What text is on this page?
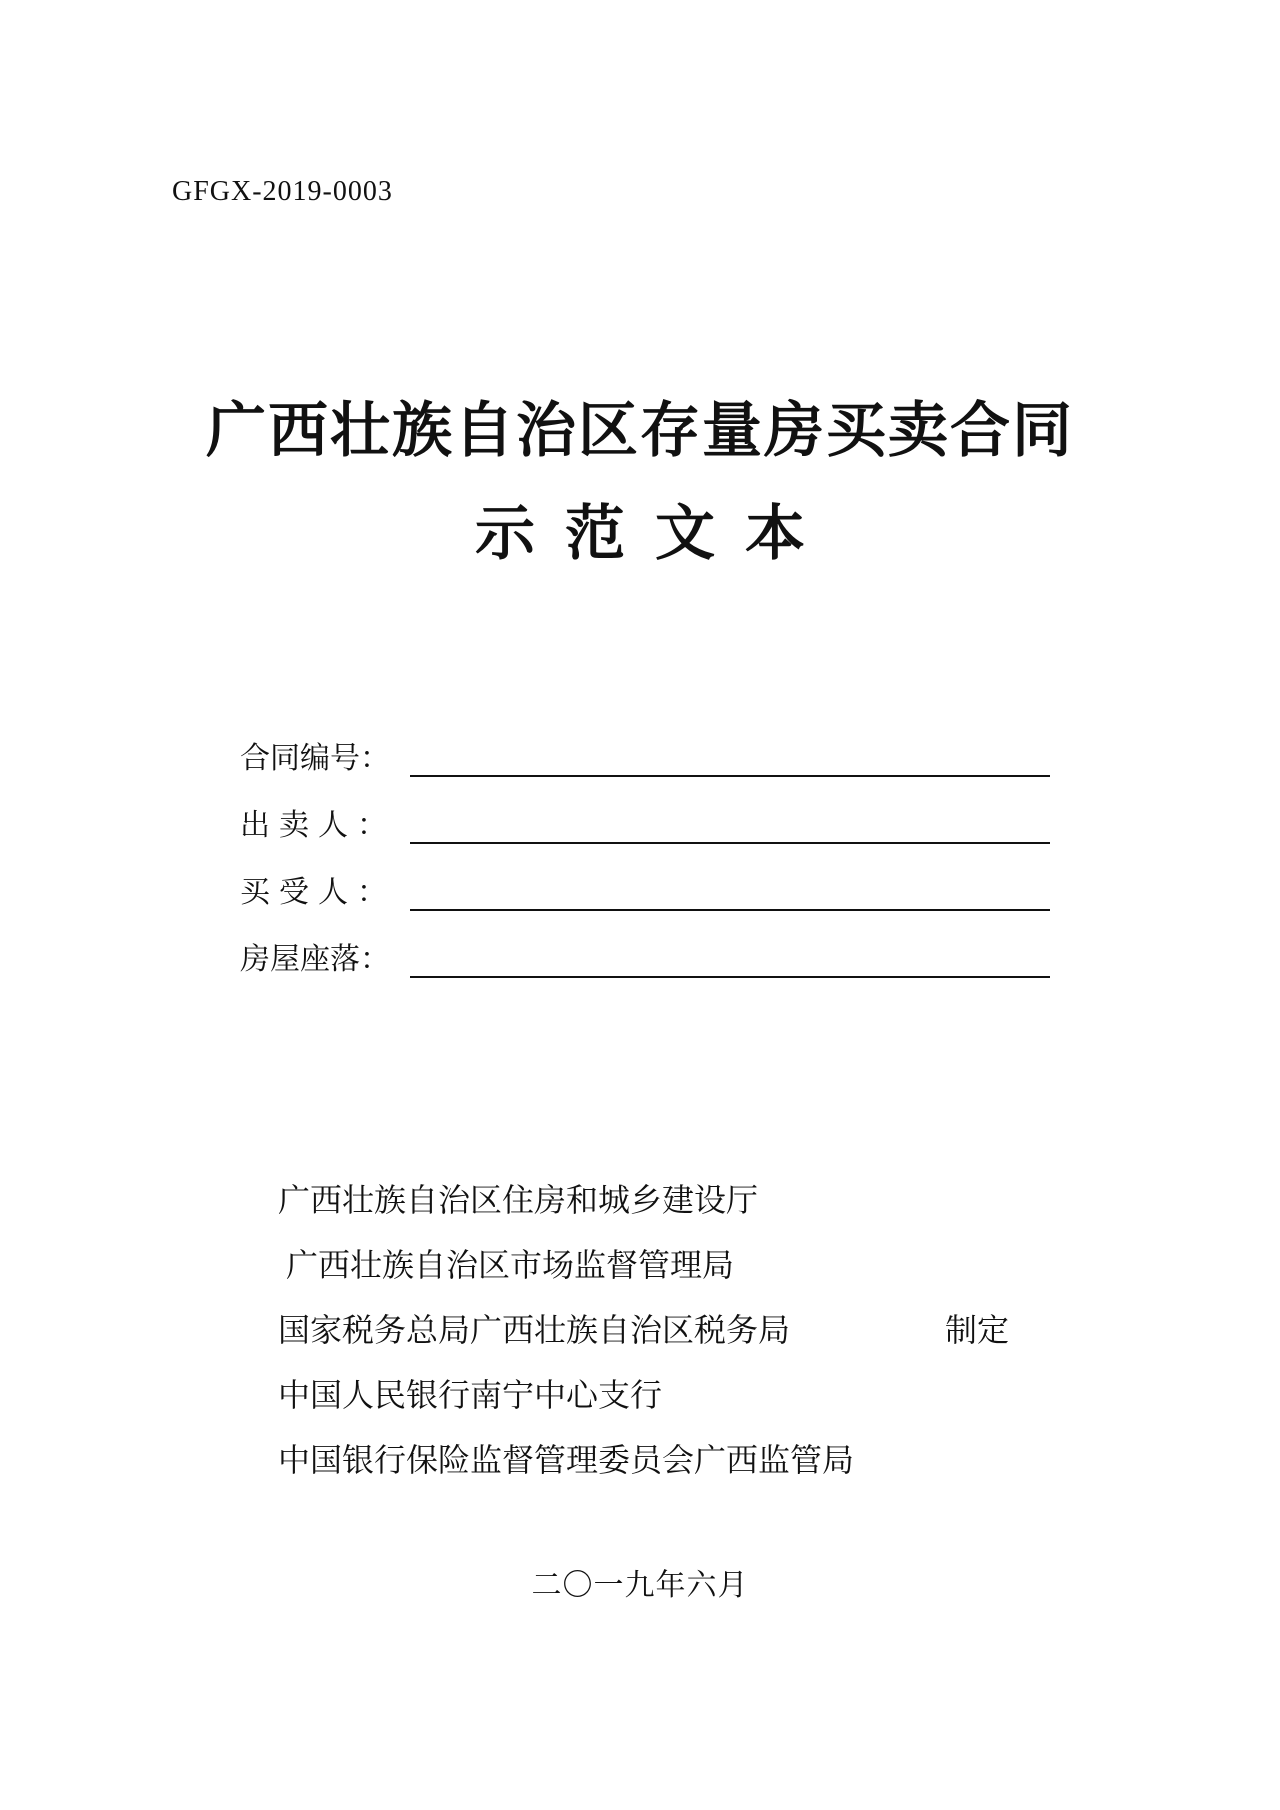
GFGX-2019-0003
广西壮族自治区存量房买卖合同
示范文本
合同编号：
出卖人：
买受人：
房屋座落：
广西壮族自治区住房和城乡建设厅
广西壮族自治区市场监督管理局
国家税务总局广西壮族自治区税务局
中国人民银行南宁中心支行
中国银行保险监督管理委员会广西监管局
制定
二〇一九年六月
